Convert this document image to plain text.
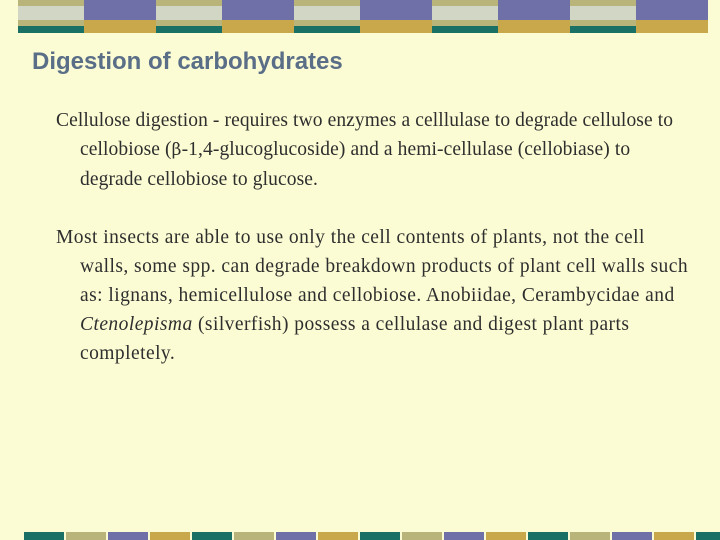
Digestion of carbohydrates

Cellulose digestion - requires two enzymes a celllulase to degrade cellulose to cellobiose (β-1,4-glucoglucoside) and a hemi-cellulase (cellobiase) to degrade cellobiose to glucose.

Most insects are able to use only the cell contents of plants, not the cell walls, some spp. can degrade breakdown products of plant cell walls such as: lignans, hemicellulose and cellobiose. Anobiidae, Cerambycidae and Ctenolepisma (silverfish) possess a cellulase and digest plant parts completely.
